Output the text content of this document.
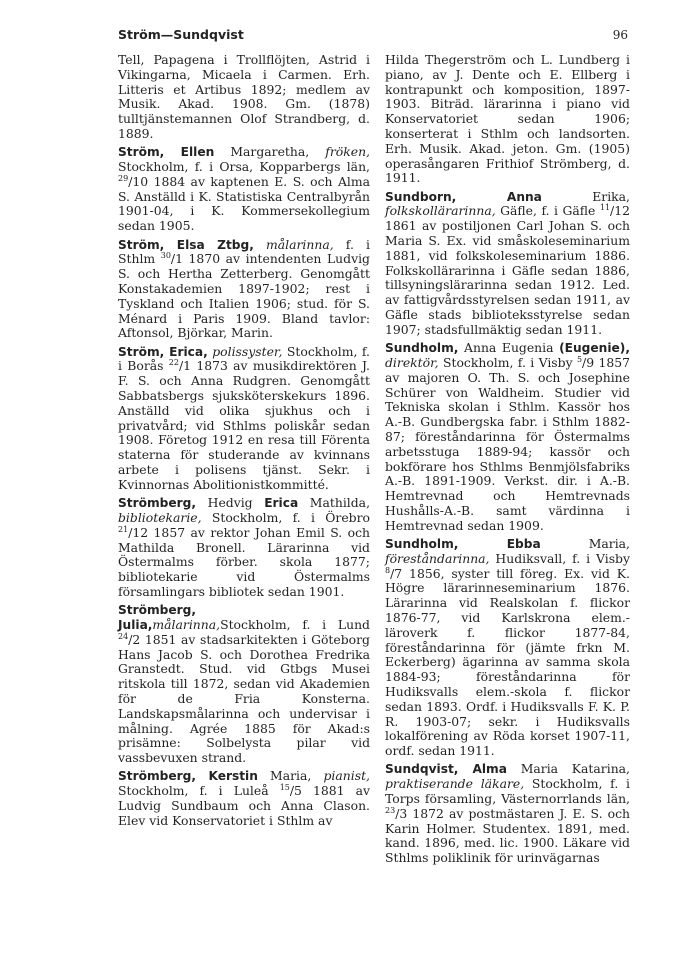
Ström—Sundqvist	96

Tell, Papagena i Trollflöjten, Astrid i Vikingarna, Micaela i Carmen. Erh. Litteris et Artibus 1892; medlem av Musik. Akad. 1908. Gm. (1878) tulltjänstemannen Olof Strandberg, d. 1889.

Ström, Ellen Margaretha, fröken, Stockholm, f. i Orsa, Kopparbergs län, $^{29}$/10 1884 av kaptenen E. S. och Alma S. Anställd i K. Statistiska Centralbyrån 1901-04, i K. Kommersekollegium sedan 1905.

Ström, Elsa Ztbg, målarinna, f. i Sthlm $^{30}$/1 1870 av intendenten Ludvig S. och Hertha Zetterberg. Genomgått Konstakademien 1897-1902; rest i Tyskland och Italien 1906; stud. för S. Ménard i Paris 1909. Bland tavlor: Aftonsol, Björkar, Marin.

Ström, Erica, polissyster, Stockholm, f. i Borås $^{22}$/1 1873 av musikdirektören J. F. S. och Anna Rudgren. Genomgått Sabbatsbergs sjuksköterskekurs 1896. Anställd vid olika sjukhus och i privatvård; vid Sthlms poliskår sedan 1908. Företog 1912 en resa till Förenta staterna för studerande av kvinnans arbete i polisens tjänst. Sekr. i Kvinnornas Abolitionistkommitté.

Strömberg, Hedvig Erica Mathilda, bibliotekarie, Stockholm, f. i Örebro $^{21}$/12 1857 av rektor Johan Emil S. och Mathilda Bronell. Lärarinna vid Östermalms förber. skola 1877; bibliotekarie vid Östermalms församlingars bibliotek sedan 1901.

Strömberg, Julia,målarinna,Stockholm, f. i Lund $^{24}$/2 1851 av stadsarkitekten i Göteborg Hans Jacob S. och Dorothea Fredrika Granstedt. Stud. vid Gtbgs Musei ritskola till 1872, sedan vid Akademien för de Fria Konsterna. Landskapsmålarinna och undervisar i målning. Agrée 1885 för Akad:s prisämne: Solbelysta pilar vid vassbevuxen strand.

Strömberg, Kerstin Maria, pianist, Stockholm, f. i Luleå $^{15}$/5 1881 av Ludvig Sundbaum och Anna Clason. Elev vid Konservatoriet i Sthlm av

Hilda Thegerström och L. Lundberg i piano, av J. Dente och E. Ellberg i kontrapunkt och komposition, 1897-1903. Biträd. lärarinna i piano vid Konservatoriet sedan 1906; konserterat i Sthlm och landsorten. Erh. Musik. Akad. jeton. Gm. (1905) operasångaren Frithiof Strömberg, d. 1911.

Sundborn, Anna Erika, folkskollärarinna, Gäfle, f. i Gäfle $^{11}$/12 1861 av postiljonen Carl Johan S. och Maria S. Ex. vid småskoleseminarium 1881, vid folkskoleseminarium 1886. Folkskollärarinna i Gäfle sedan 1886, tillsyningslärarinna sedan 1912. Led. av fattigvårdsstyrelsen sedan 1911, av Gäfle stads biblioteksstyrelse sedan 1907; stadsfullmäktig sedan 1911.

Sundholm, Anna Eugenia (Eugenie), direktör, Stockholm, f. i Visby $^5$/9 1857 av majoren O. Th. S. och Josephine Schürer von Waldheim. Studier vid Tekniska skolan i Sthlm. Kassör hos A.-B. Gundbergska fabr. i Sthlm 1882-87; föreståndarinna för Östermalms arbetsstuga 1889-94; kassör och bokförare hos Sthlms Benmjölsfabriks A.-B. 1891-1909. Verkst. dir. i A.-B. Hemtrevnad och Hemtrevnads Hushålls-A.-B. samt värdinna i Hemtrevnad sedan 1909.

Sundholm, Ebba Maria, föreståndarinna, Hudiksvall, f. i Visby $^8$/7 1856, syster till föreg. Ex. vid K. Högre lärarinneseminarium 1876. Lärarinna vid Realskolan f. flickor 1876-77, vid Karlskrona elem.-läroverk f. flickor 1877-84, föreståndarinna för (jämte frkn M. Eckerberg) ägarinna av samma skola 1884-93; föreståndarinna för Hudiksvalls elem.-skola f. flickor sedan 1893. Ordf. i Hudiksvalls F. K. P. R. 1903-07; sekr. i Hudiksvalls lokalförening av Röda korset 1907-11, ordf. sedan 1911.

Sundqvist, Alma Maria Katarina, praktiserande läkare, Stockholm, f. i Torps församling, Västernorrlands län, $^{23}$/3 1872 av postmästaren J. E. S. och Karin Holmer. Studentex. 1891, med. kand. 1896, med. lic. 1900. Läkare vid Sthlms poliklinik för urinvägarnas
